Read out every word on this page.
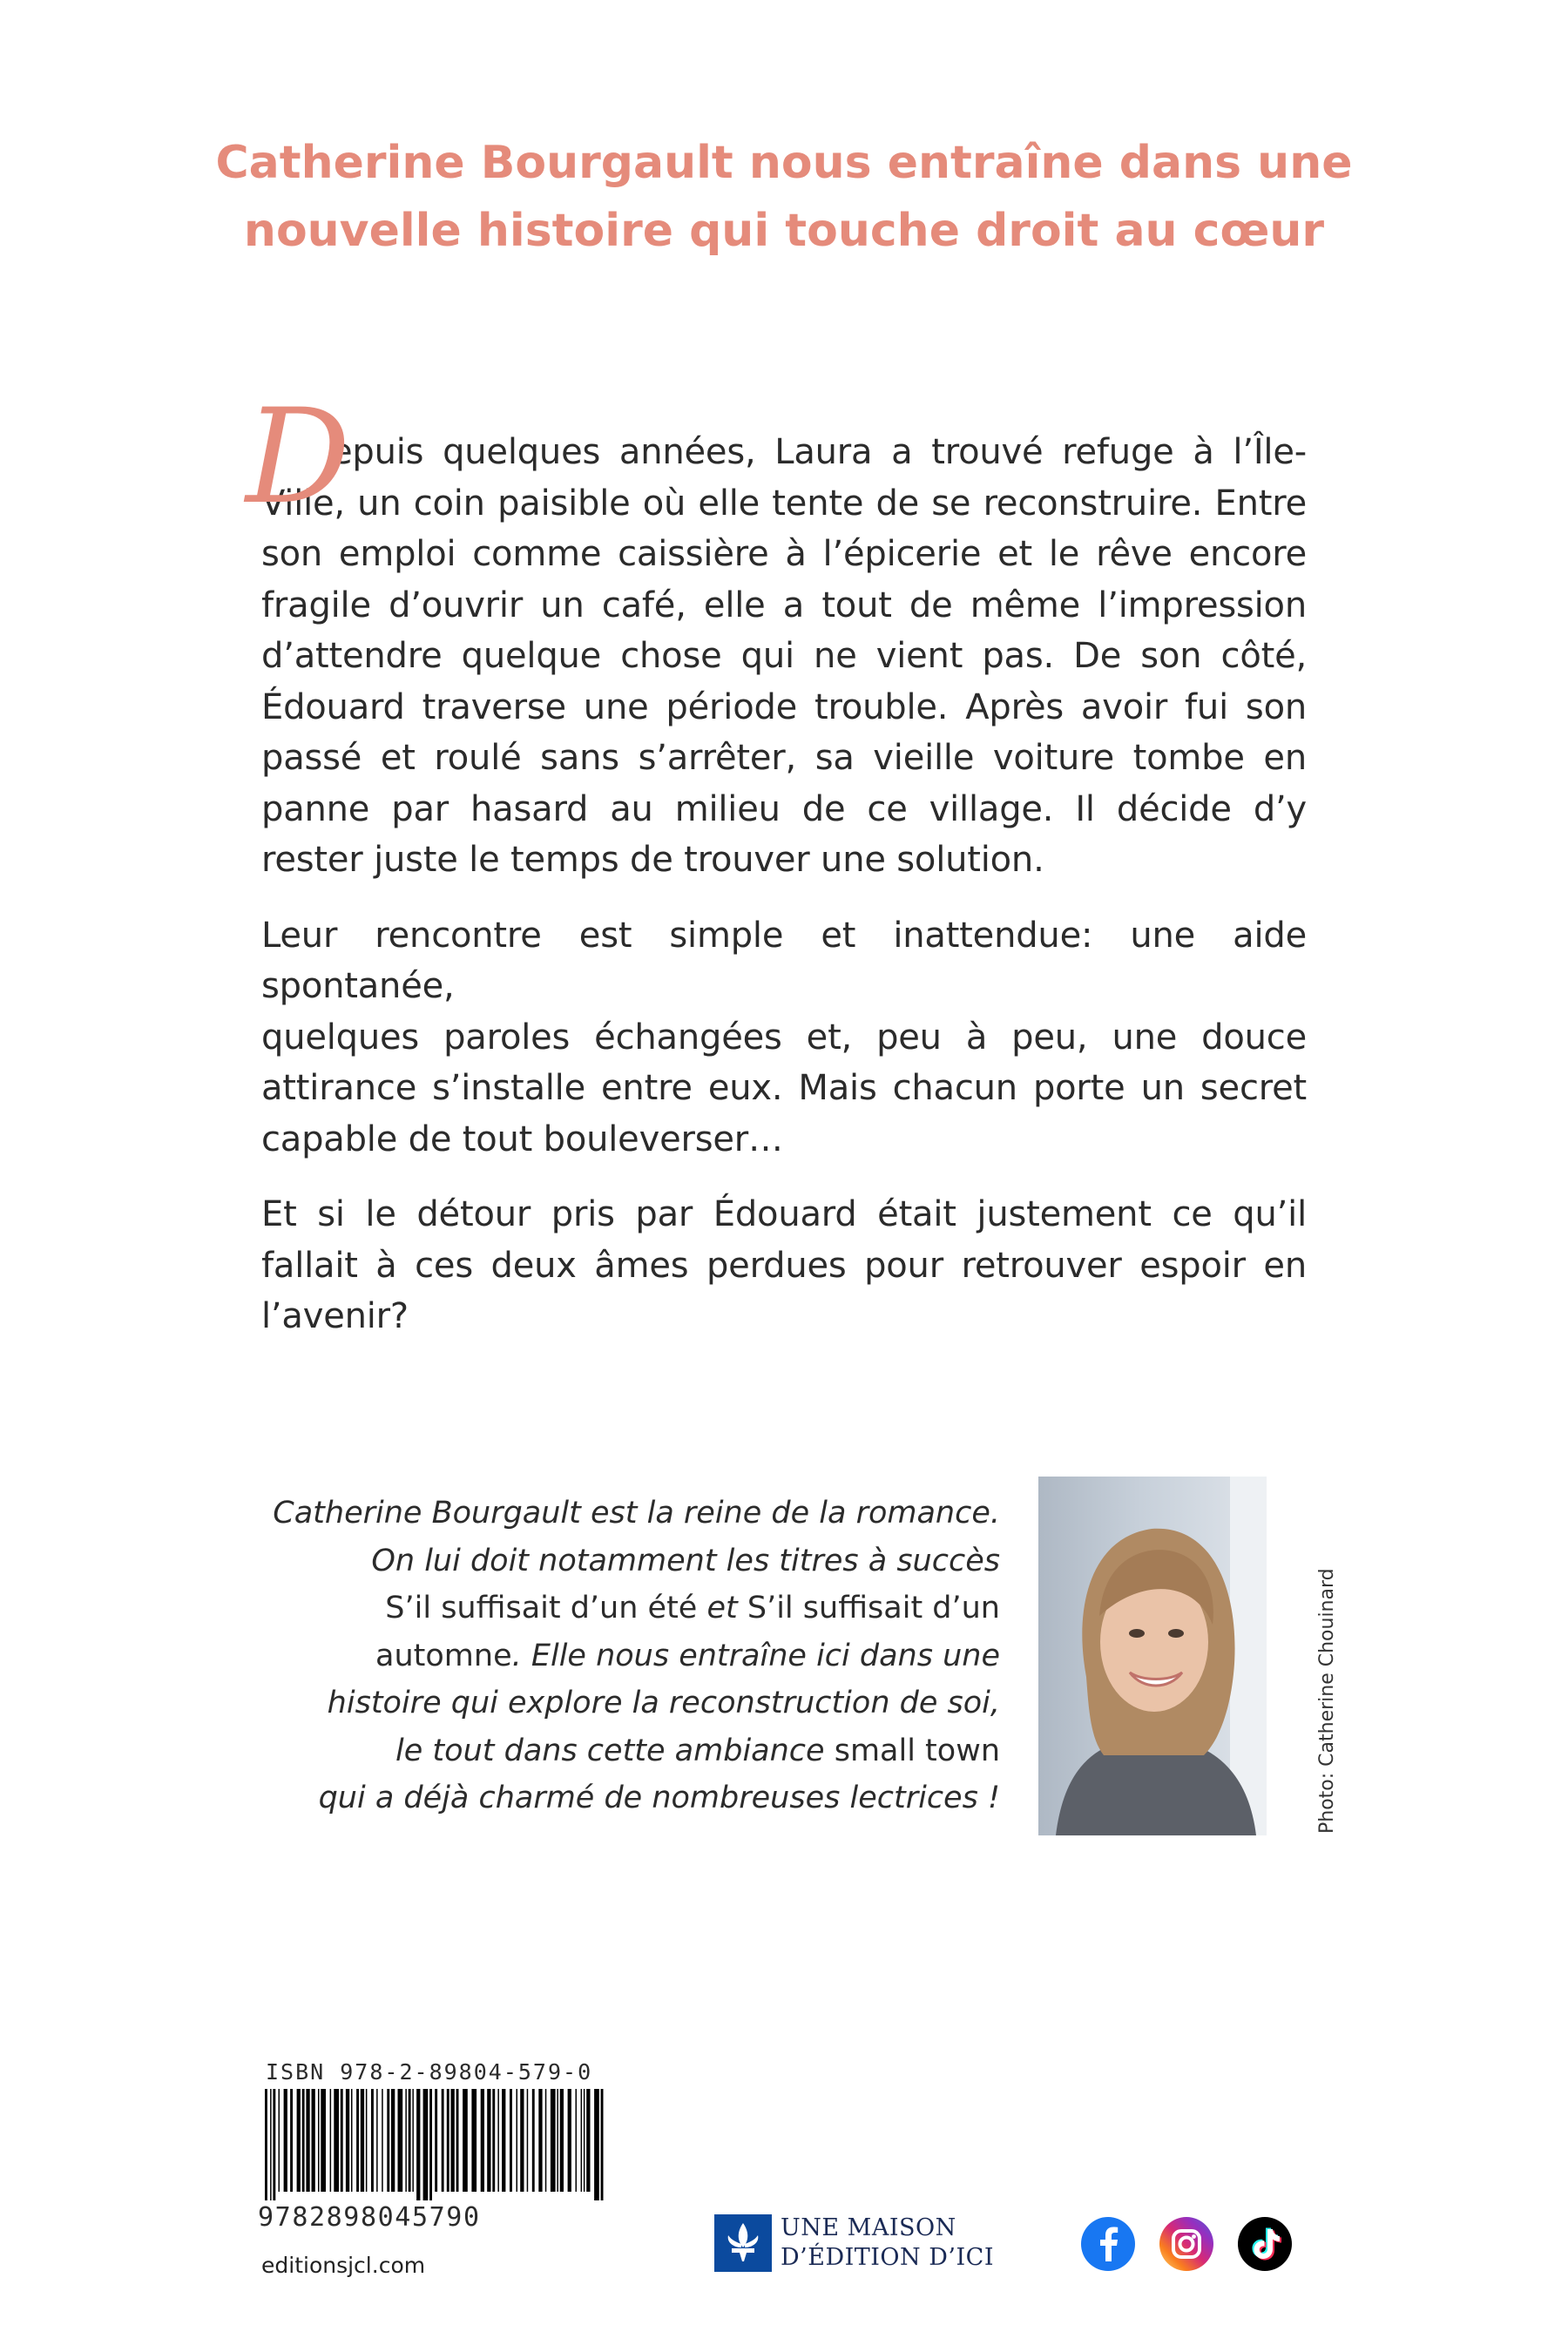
Catherine Bourgault nous entraîne dans une
nouvelle histoire qui touche droit au cœur
D

epuis quelques années, Laura a trouvé refuge à l’Île-
Ville, un coin paisible où elle tente de se reconstruire. Entre
son emploi comme caissière à l’épicerie et le rêve encore
fragile d’ouvrir un café, elle a tout de même l’impression
d’attendre quelque chose qui ne vient pas. De son côté,
Édouard traverse une période trouble. Après avoir fui son
passé et roulé sans s’arrêter, sa vieille voiture tombe en
panne par hasard au milieu de ce village. Il décide d’y
rester juste le temps de trouver une solution.

Leur rencontre est simple et inattendue: une aide spontanée,
quelques paroles échangées et, peu à peu, une douce
attirance s’installe entre eux. Mais chacun porte un secret
capable de tout bouleverser…

Et si le détour pris par Édouard était justement ce qu’il
fallait à ces deux âmes perdues pour retrouver espoir en
l’avenir?

Catherine Bourgault est la reine de la romance.
On lui doit notamment les titres à succès
S’il suffisait d’un été et S’il suffisait d’un
automne. Elle nous entraîne ici dans une
histoire qui explore la reconstruction de soi,
le tout dans cette ambiance small town
qui a déjà charmé de nombreuses lectrices !	Photo: Catherine Chouinard
ISBN 978-2-89804-579-0
9782898045790
editionsjcl.com
UNE MAISON
D’ÉDITION D’ICI
